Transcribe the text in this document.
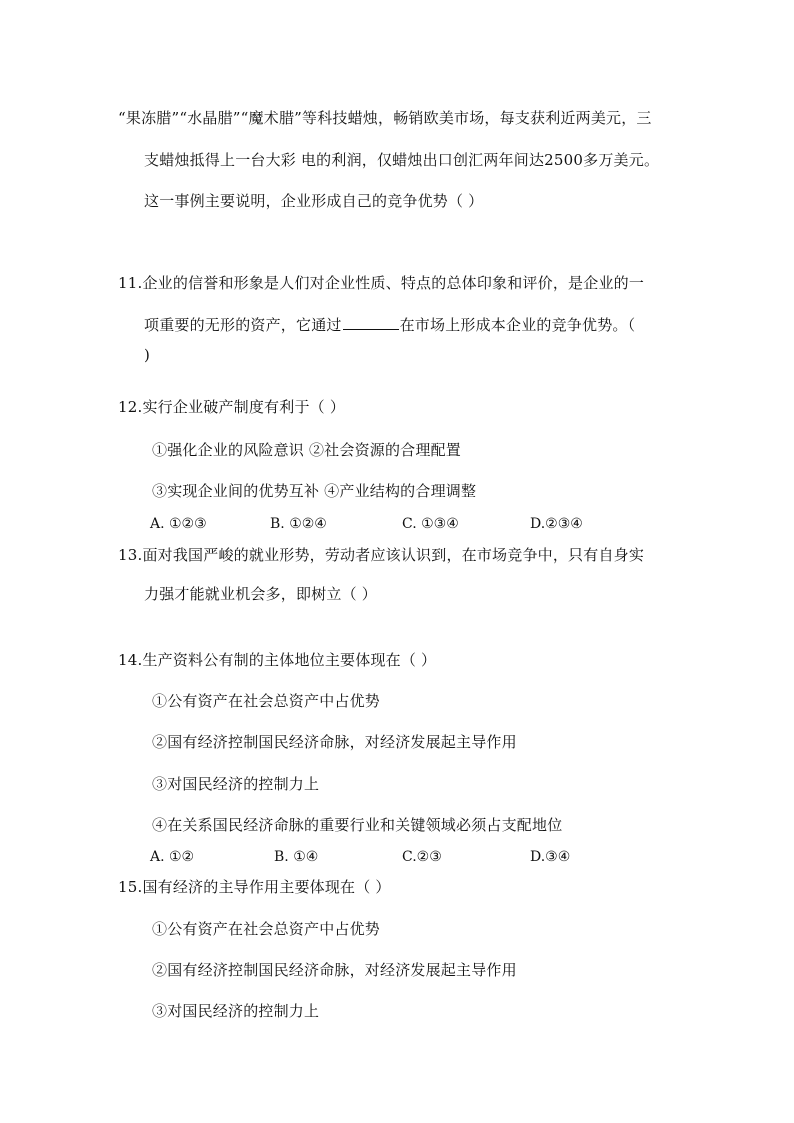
“果冻腊”“水晶腊”“魔术腊”等科技蜡烛，畅销欧美市场，每支获利近两美元，三
支蜡烛抵得上一台大彩 电的利润，仅蜡烛出口创汇两年间达2500多万美元。
这一事例主要说明，企业形成自己的竞争优势（ ）
11.企业的信誉和形象是人们对企业性质、特点的总体印象和评价，是企业的一
项重要的无形的资产，它通过	在市场上形成本企业的竞争优势。（
)
12.实行企业破产制度有利于（ ）
①强化企业的风险意识 ②社会资源的合理配置
③实现企业间的优势互补 ④产业结构的合理调整
A. ①②③	B. ①②④	C. ①③④	D.②③④
13.面对我国严峻的就业形势，劳动者应该认识到，在市场竞争中，只有自身实
力强才能就业机会多，即树立（ ）
14.生产资料公有制的主体地位主要体现在（ ）
①公有资产在社会总资产中占优势
②国有经济控制国民经济命脉，对经济发展起主导作用
③对国民经济的控制力上
④在关系国民经济命脉的重要行业和关键领域必须占支配地位
A. ①②	B. ①④	C.②③	D.③④
15.国有经济的主导作用主要体现在（ ）
①公有资产在社会总资产中占优势
②国有经济控制国民经济命脉，对经济发展起主导作用
③对国民经济的控制力上
